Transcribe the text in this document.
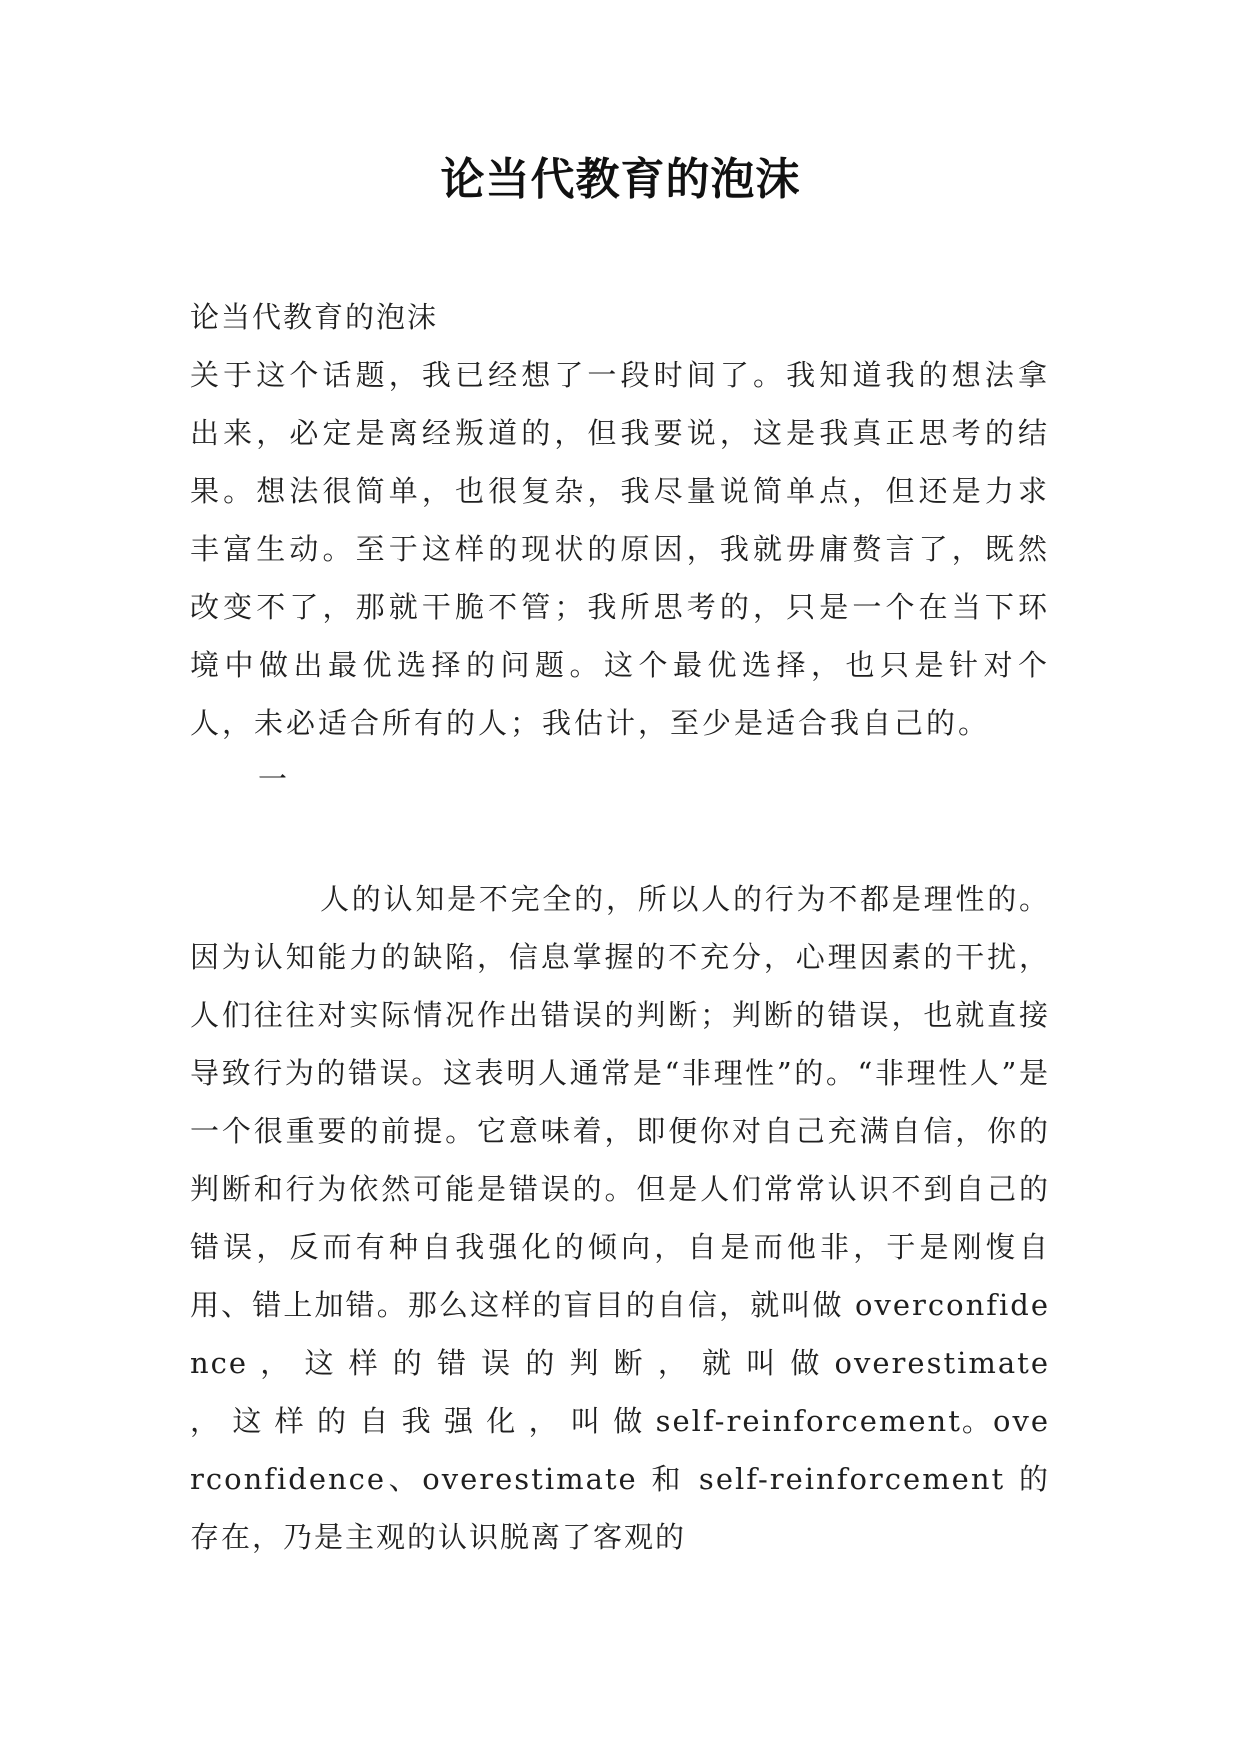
论当代教育的泡沫
论当代教育的泡沫

关于这个话题，我已经想了一段时间了。我知道我的想法拿出来，必定是离经叛道的，但我要说，这是我真正思考的结果。想法很简单，也很复杂，我尽量说简单点，但还是力求丰富生动。至于这样的现状的原因，我就毋庸赘言了，既然改变不了，那就干脆不管；我所思考的，只是一个在当下环境中做出最优选择的问题。这个最优选择，也只是针对个人，未必适合所有的人；我估计，至少是适合我自己的。

一

人的认知是不完全的，所以人的行为不都是理性的。因为认知能力的缺陷，信息掌握的不充分，心理因素的干扰，人们往往对实际情况作出错误的判断；判断的错误，也就直接导致行为的错误。这表明人通常是“非理性”的。“非理性人”是一个很重要的前提。它意味着，即便你对自己充满自信，你的判断和行为依然可能是错误的。但是人们常常认识不到自己的错误，反而有种自我强化的倾向，自是而他非，于是刚愎自用、错上加错。那么这样的盲目的自信，就叫做 overconfidence ， 这 样 的 错 误 的 判 断 ， 就 叫 做 overestimate ， 这 样 的 自 我 强 化 ， 叫 做 self-reinforcement。overconfidence、overestimate 和 self-reinforcement 的存在，乃是主观的认识脱离了客观的
